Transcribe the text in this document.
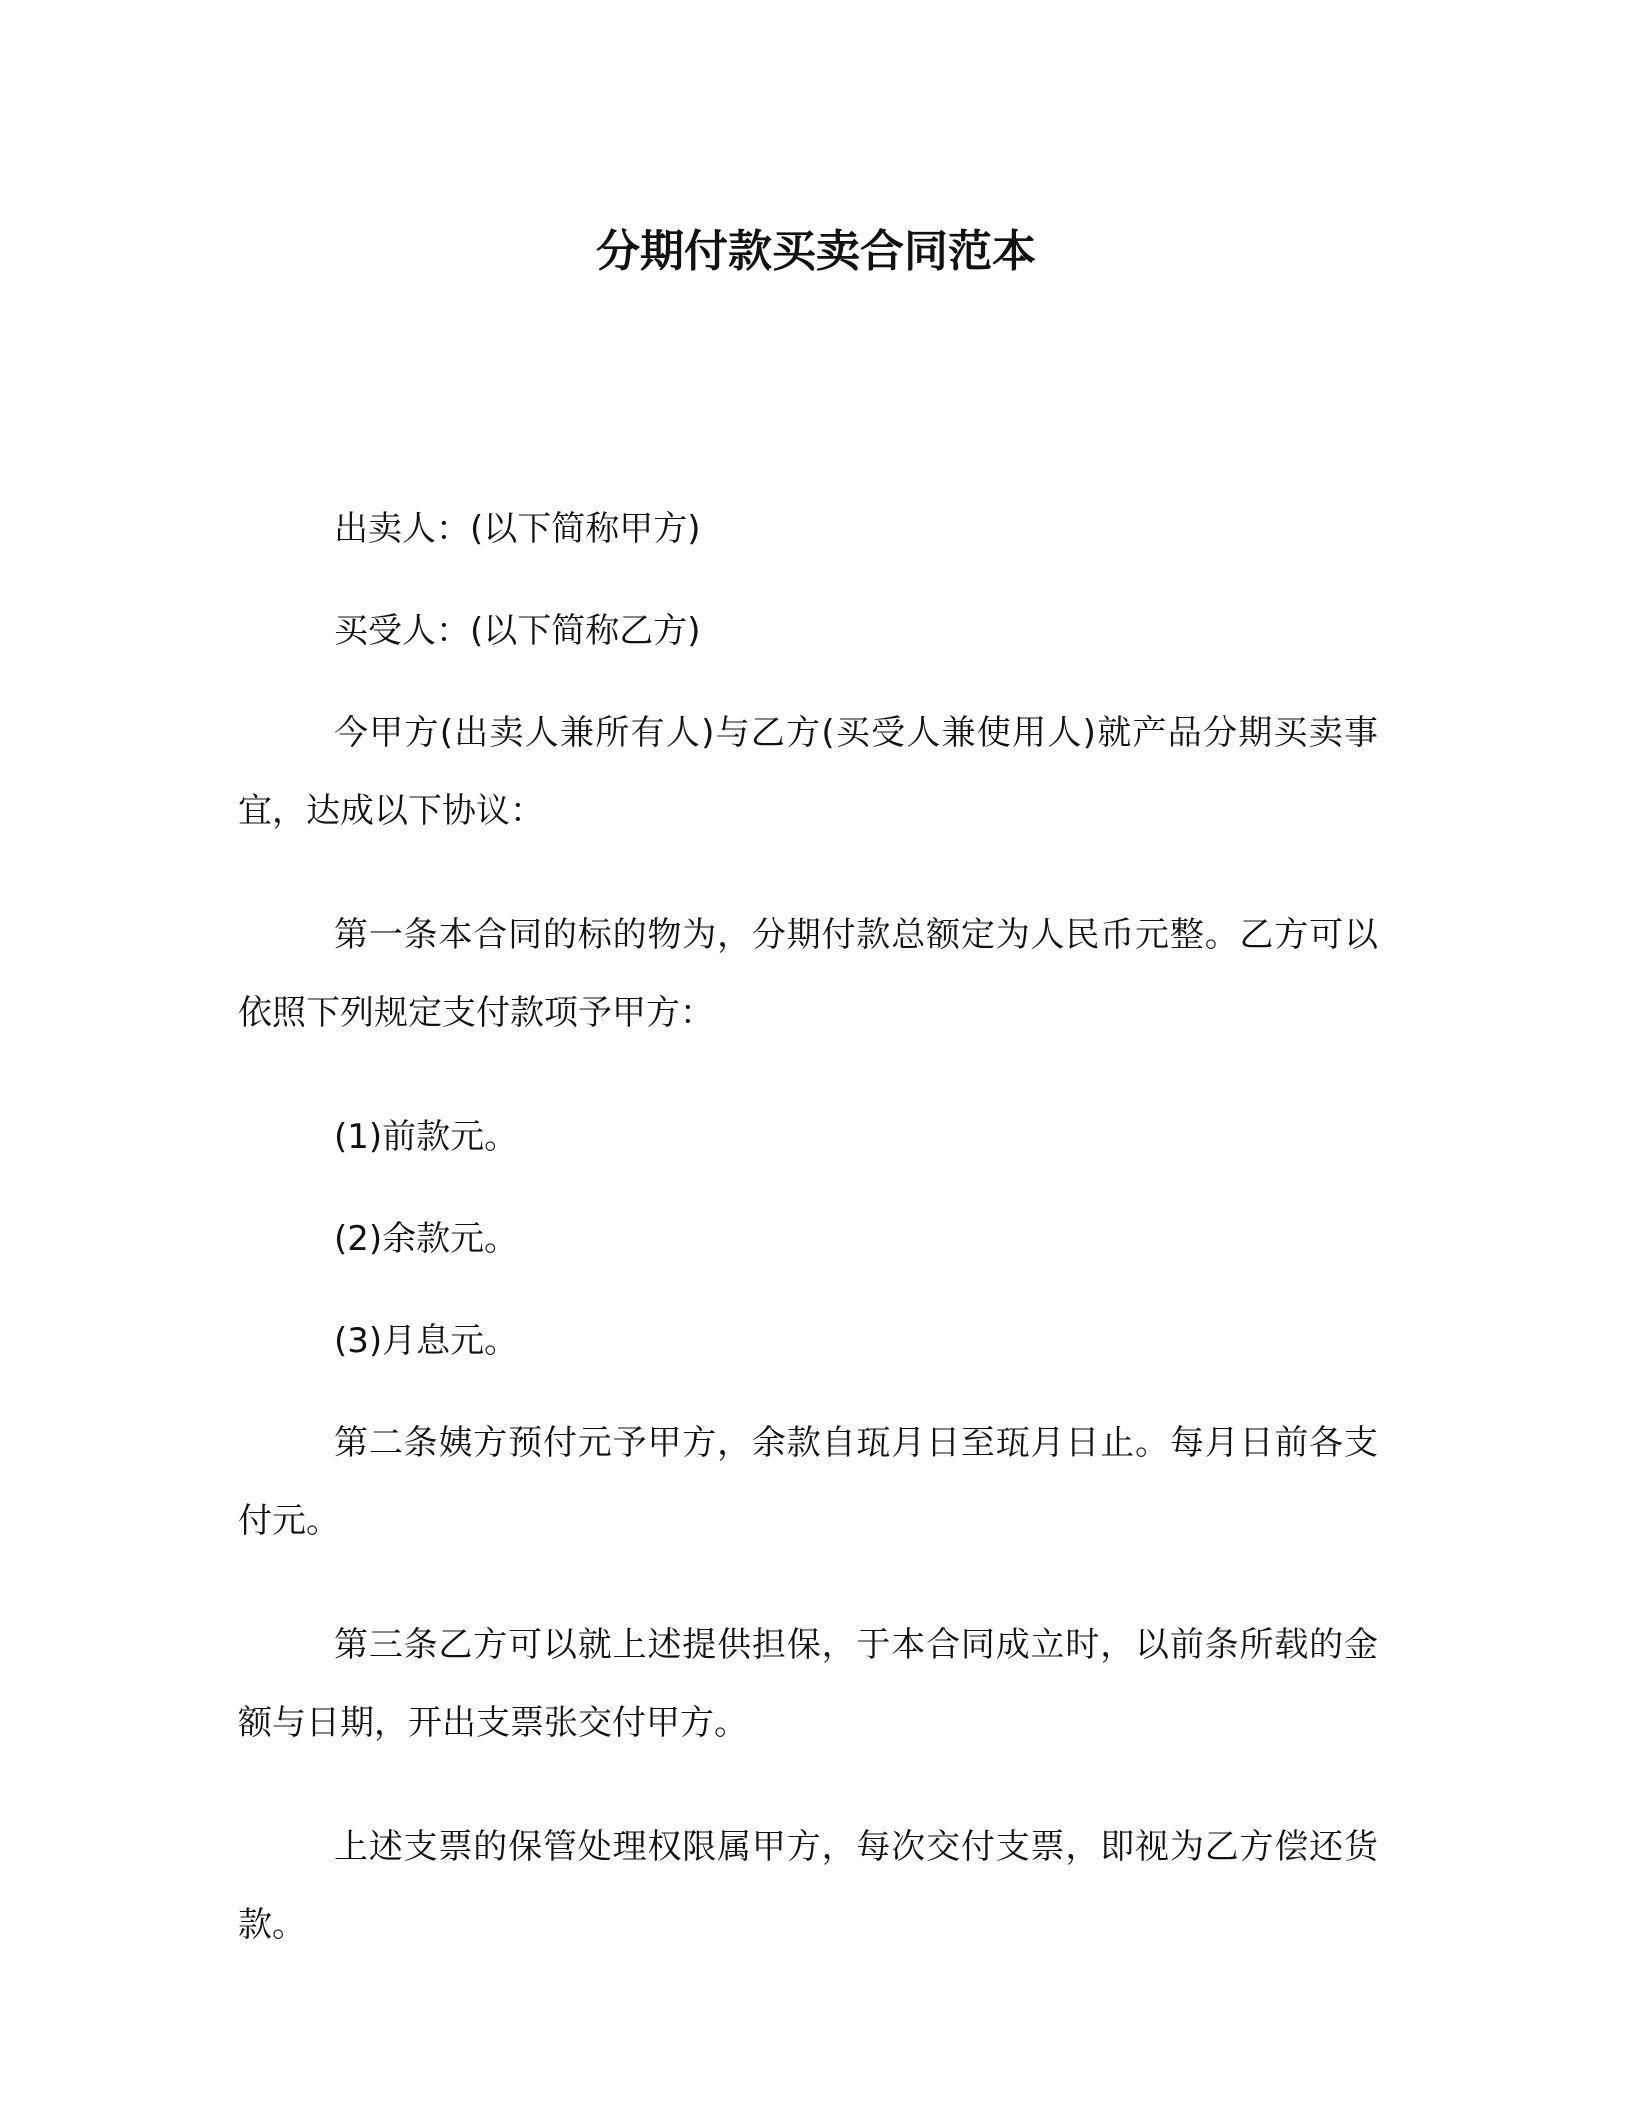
分期付款买卖合同范本

出卖人：(以下简称甲方)

买受人：(以下简称乙方)

今甲方(出卖人兼所有人)与乙方(买受人兼使用人)就产品分期买卖事宜，达成以下协议：

第一条本合同的标的物为，分期付款总额定为人民币元整。乙方可以依照下列规定支付款项予甲方：

(1)前款元。

(2)余款元。

(3)月息元。

第二条姨方预付元予甲方，余款自珁月日至珁月日止。每月日前各支付元。

第三条乙方可以就上述提供担保，于本合同成立时，以前条所载的金额与日期，开出支票张交付甲方。

上述支票的保管处理权限属甲方，每次交付支票，即视为乙方偿还货款。
